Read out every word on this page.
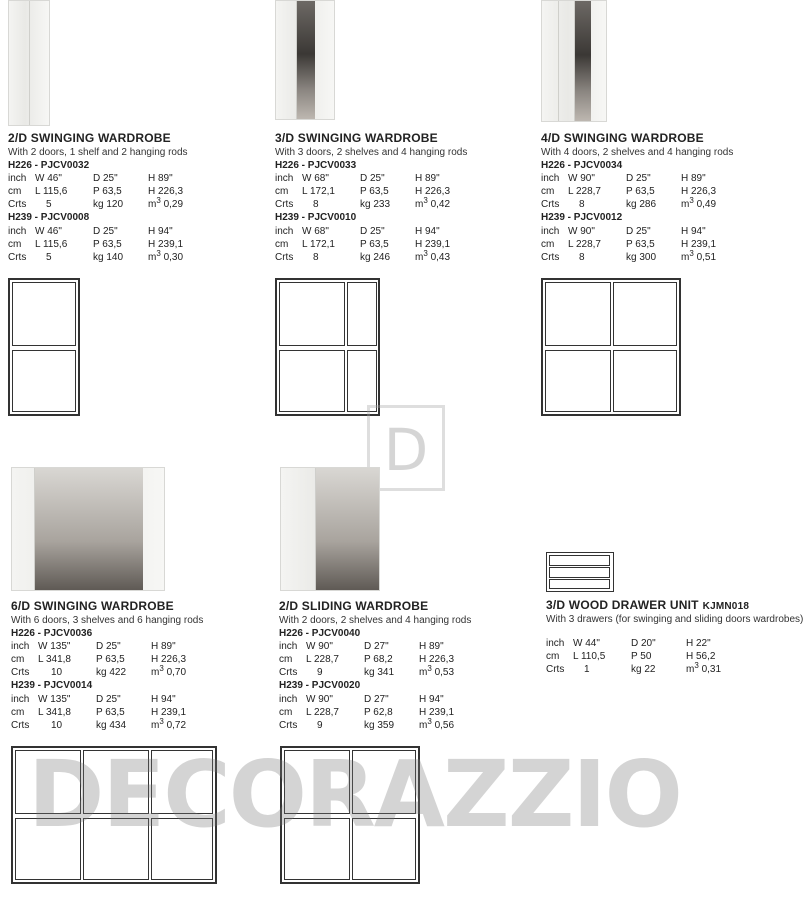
2/D SWINGING WARDROBE
With 2 doors, 1 shelf and 2 hanging rods
H226 - PJCV0032
inch W 46"	D 25"	H 89"
cm L 115,6	P 63,5	H 226,3
Crts 5	kg 120 $m^3$ 0,29
H239 - PJCV0008
inch W 46"	D 25"	H 94"
cm L 115,6	P 63,5	H 239,1
Crts 5	kg 140 $m^3$ 0,30
3/D SWINGING WARDROBE
With 3 doors, 2 shelves and 4 hanging rods
H226 - PJCV0033
inch W 68"	D 25"	H 89"
cm L 172,1	P 63,5	H 226,3
Crts 8	kg 233 $m^3$ 0,42
H239 - PJCV0010
inch W 68"	D 25"	H 94"
cm L 172,1	P 63,5	H 239,1
Crts 8	kg 246 $m^3$ 0,43
4/D SWINGING WARDROBE
With 4 doors, 2 shelves and 4 hanging rods
H226 - PJCV0034
inch W 90"	D 25"	H 89"
cm L 228,7	P 63,5	H 226,3
Crts 8	kg 286 $m^3$ 0,49
H239 - PJCV0012
inch W 90"	D 25"	H 94"
cm L 228,7	P 63,5	H 239,1
Crts 8	kg 300 $m^3$ 0,51
D
6/D SWINGING WARDROBE
With 6 doors, 3 shelves and 6 hanging rods
H226 - PJCV0036
inch W 135"	D 25"	H 89"
cm L 341,8	P 63,5	H 226,3
Crts 10	kg 422 $m^3$ 0,70
H239 - PJCV0014
inch W 135"	D 25"	H 94"
cm L 341,8	P 63,5	H 239,1
Crts 10	kg 434 $m^3$ 0,72
2/D SLIDING WARDROBE
With 2 doors, 2 shelves and 4 hanging rods
H226 - PJCV0040
inch W 90"	D 27"	H 89"
cm L 228,7	P 68,2	H 226,3
Crts 9	kg 341 $m^3$ 0,53
H239 - PJCV0020
inch W 90"	D 27"	H 94"
cm L 228,7	P 62,8	H 239,1
Crts 9	kg 359 $m^3$ 0,56
3/D WOOD DRAWER UNIT KJMN018
With 3 drawers (for swinging and sliding doors wardrobes)
inch W 44"	D 20"	H 22"
cm L 110,5	P 50	H 56,2
Crts 1	kg 22	$m^3$ 0,31
DECORAZZIO
